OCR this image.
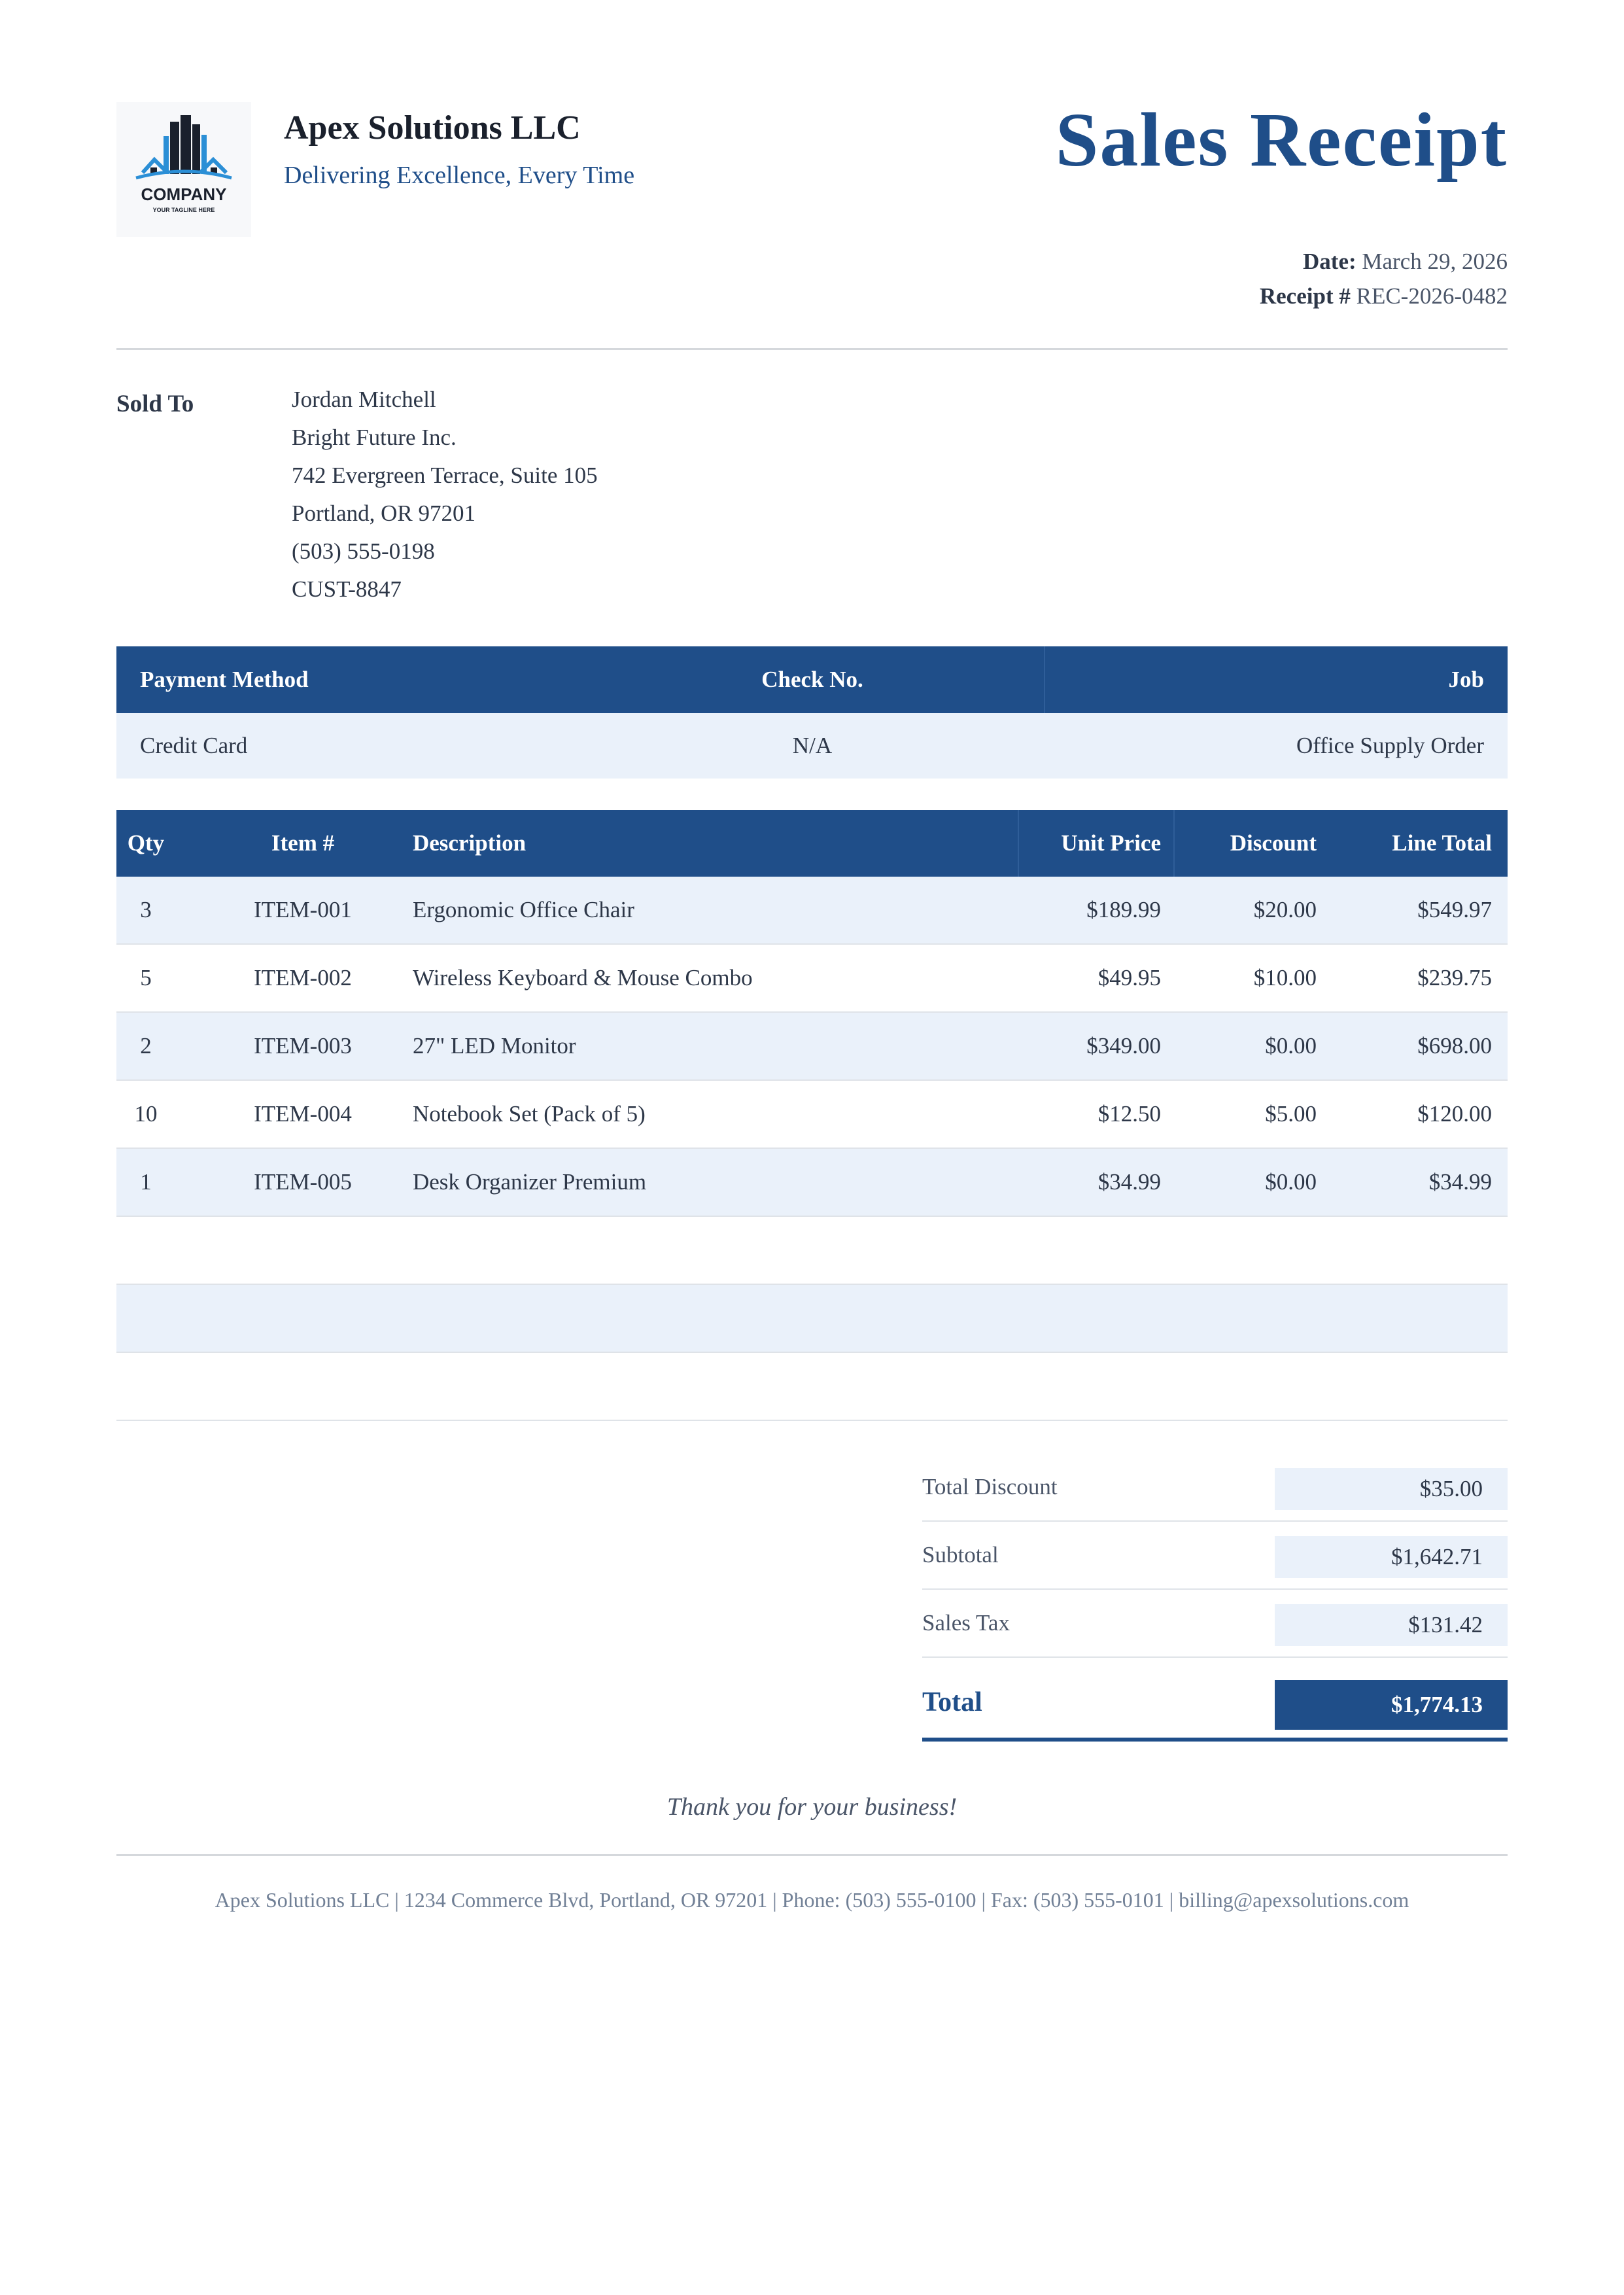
COMPANY
YOUR TAGLINE HERE
Apex Solutions LLC
Delivering Excellence, Every Time	Sales Receipt
Date: March 29, 2026
Receipt # REC-2026-0482
Sold To	Jordan Mitchell
Bright Future Inc.
742 Evergreen Terrace, Suite 105
Portland, OR 97201
(503) 555-0198
CUST-8847
Payment Method	Check No.	Job
Credit Card	N/A	Office Supply Order
Qty	Item #	Description	Unit Price	Discount	Line Total
3	ITEM-001	Ergonomic Office Chair	$189.99	$20.00	$549.97
5	ITEM-002	Wireless Keyboard & Mouse Combo	$49.95	$10.00	$239.75
2	ITEM-003	27" LED Monitor	$349.00	$0.00	$698.00
10	ITEM-004	Notebook Set (Pack of 5)	$12.50	$5.00	$120.00
1	ITEM-005	Desk Organizer Premium	$34.99	$0.00	$34.99
Total Discount	$35.00
Subtotal	$1,642.71
Sales Tax	$131.42
Total	$1,774.13
Thank you for your business!
Apex Solutions LLC | 1234 Commerce Blvd, Portland, OR 97201 | Phone: (503) 555-0100 | Fax: (503) 555-0101 | billing@apexsolutions.com
